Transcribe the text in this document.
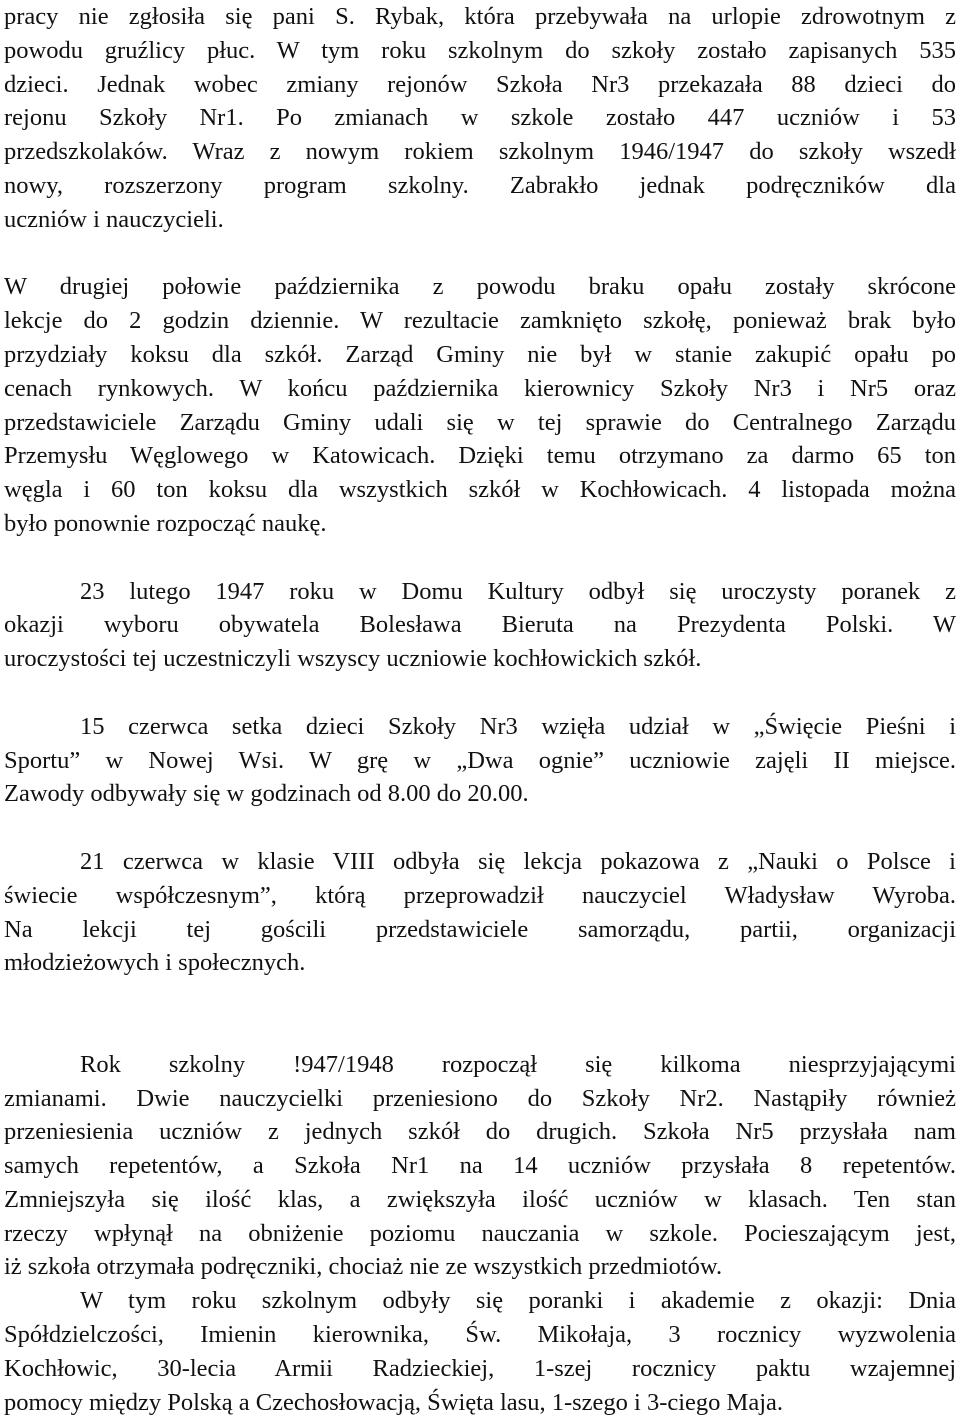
pracy nie zgłosiła się pani S. Rybak, która przebywała na urlopie zdrowotnym z
powodu gruźlicy płuc. W tym roku szkolnym do szkoły zostało zapisanych 535
dzieci. Jednak wobec zmiany rejonów Szkoła Nr3 przekazała 88 dzieci do
rejonu Szkoły Nr1. Po zmianach w szkole zostało 447 uczniów i 53
przedszkolaków. Wraz z nowym rokiem szkolnym 1946/1947 do szkoły wszedł
nowy, rozszerzony program szkolny. Zabrakło jednak podręczników dla
uczniów i nauczycieli.
W drugiej połowie października z powodu braku opału zostały skrócone
lekcje do 2 godzin dziennie. W rezultacie zamknięto szkołę, ponieważ brak było
przydziały koksu dla szkół. Zarząd Gminy nie był w stanie zakupić opału po
cenach rynkowych. W końcu października kierownicy Szkoły Nr3 i Nr5 oraz
przedstawiciele Zarządu Gminy udali się w tej sprawie do Centralnego Zarządu
Przemysłu Węglowego w Katowicach. Dzięki temu otrzymano za darmo 65 ton
węgla i 60 ton koksu dla wszystkich szkół w Kochłowicach. 4 listopada można
było ponownie rozpocząć naukę.
23 lutego 1947 roku w Domu Kultury odbył się uroczysty poranek z
okazji wyboru obywatela Bolesława Bieruta na Prezydenta Polski. W
uroczystości tej uczestniczyli wszyscy uczniowie kochłowickich szkół.
15 czerwca setka dzieci Szkoły Nr3 wzięła udział w „Święcie Pieśni i
Sportu” w Nowej Wsi. W grę w „Dwa ognie” uczniowie zajęli II miejsce.
Zawody odbywały się w godzinach od 8.00 do 20.00.
21 czerwca w klasie VIII odbyła się lekcja pokazowa z „Nauki o Polsce i
świecie współczesnym”, którą przeprowadził nauczyciel Władysław Wyroba.
Na lekcji tej gościli przedstawiciele samorządu, partii, organizacji
młodzieżowych i społecznych.
Rok szkolny !947/1948 rozpoczął się kilkoma niesprzyjającymi
zmianami. Dwie nauczycielki przeniesiono do Szkoły Nr2. Nastąpiły również
przeniesienia uczniów z jednych szkół do drugich. Szkoła Nr5 przysłała nam
samych repetentów, a Szkoła Nr1 na 14 uczniów przysłała 8 repetentów.
Zmniejszyła się ilość klas, a zwiększyła ilość uczniów w klasach. Ten stan
rzeczy wpłynął na obniżenie poziomu nauczania w szkole. Pocieszającym jest,
iż szkoła otrzymała podręczniki, chociaż nie ze wszystkich przedmiotów.
W tym roku szkolnym odbyły się poranki i akademie z okazji: Dnia
Spółdzielczości, Imienin kierownika, Św. Mikołaja, 3 rocznicy wyzwolenia
Kochłowic, 30-lecia Armii Radzieckiej, 1-szej rocznicy paktu wzajemnej
pomocy między Polską a Czechosłowacją, Święta lasu, 1-szego i 3-ciego Maja.
